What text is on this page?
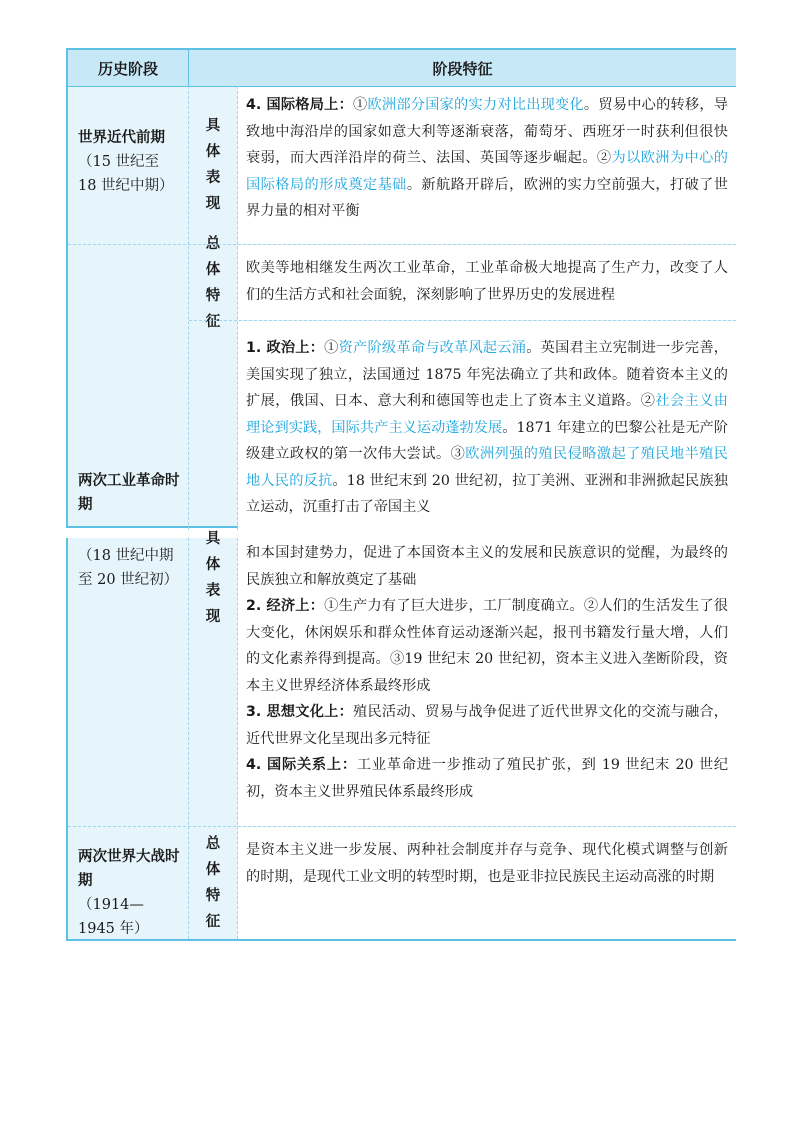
历史阶段	阶段特征
世界近代前期
（15 世纪至 18 世纪中期）
具体表现

4. 国际格局上：①欧洲部分国家的实力对比出现变化。贸易中心的转移，导致地中海沿岸的国家如意大利等逐渐衰落，葡萄牙、西班牙一时获利但很快衰弱，而大西洋沿岸的荷兰、法国、英国等逐步崛起。②为以欧洲为中心的国际格局的形成奠定基础。新航路开辟后，欧洲的实力空前强大，打破了世界力量的相对平衡

两次工业革命时期
总体特征

欧美等地相继发生两次工业革命，工业革命极大地提高了生产力，改变了人们的生活方式和社会面貌，深刻影响了世界历史的发展进程

1. 政治上：①资产阶级革命与改革风起云涌。英国君主立宪制进一步完善，美国实现了独立，法国通过 1875 年宪法确立了共和政体。随着资本主义的扩展，俄国、日本、意大利和德国等也走上了资本主义道路。②社会主义由理论到实践，国际共产主义运动蓬勃发展。1871 年建立的巴黎公社是无产阶级建立政权的第一次伟大尝试。③欧洲列强的殖民侵略激起了殖民地半殖民地人民的反抗。18 世纪末到 20 世纪初，拉丁美洲、亚洲和非洲掀起民族独立运动，沉重打击了帝国主义

（18 世纪中期至 20 世纪初）
具体表现

和本国封建势力，促进了本国资本主义的发展和民族意识的觉醒，为最终的民族独立和解放奠定了基础

2. 经济上：①生产力有了巨大进步，工厂制度确立。②人们的生活发生了很大变化，休闲娱乐和群众性体育运动逐渐兴起，报刊书籍发行量大增，人们的文化素养得到提高。③19 世纪末 20 世纪初，资本主义进入垄断阶段，资本主义世界经济体系最终形成

3. 思想文化上：殖民活动、贸易与战争促进了近代世界文化的交流与融合，近代世界文化呈现出多元特征

4. 国际关系上：工业革命进一步推动了殖民扩张，到 19 世纪末 20 世纪初，资本主义世界殖民体系最终形成

两次世界大战时期
（1914—1945 年）
总体特征

是资本主义进一步发展、两种社会制度并存与竞争、现代化模式调整与创新的时期，是现代工业文明的转型时期，也是亚非拉民族民主运动高涨的时期
